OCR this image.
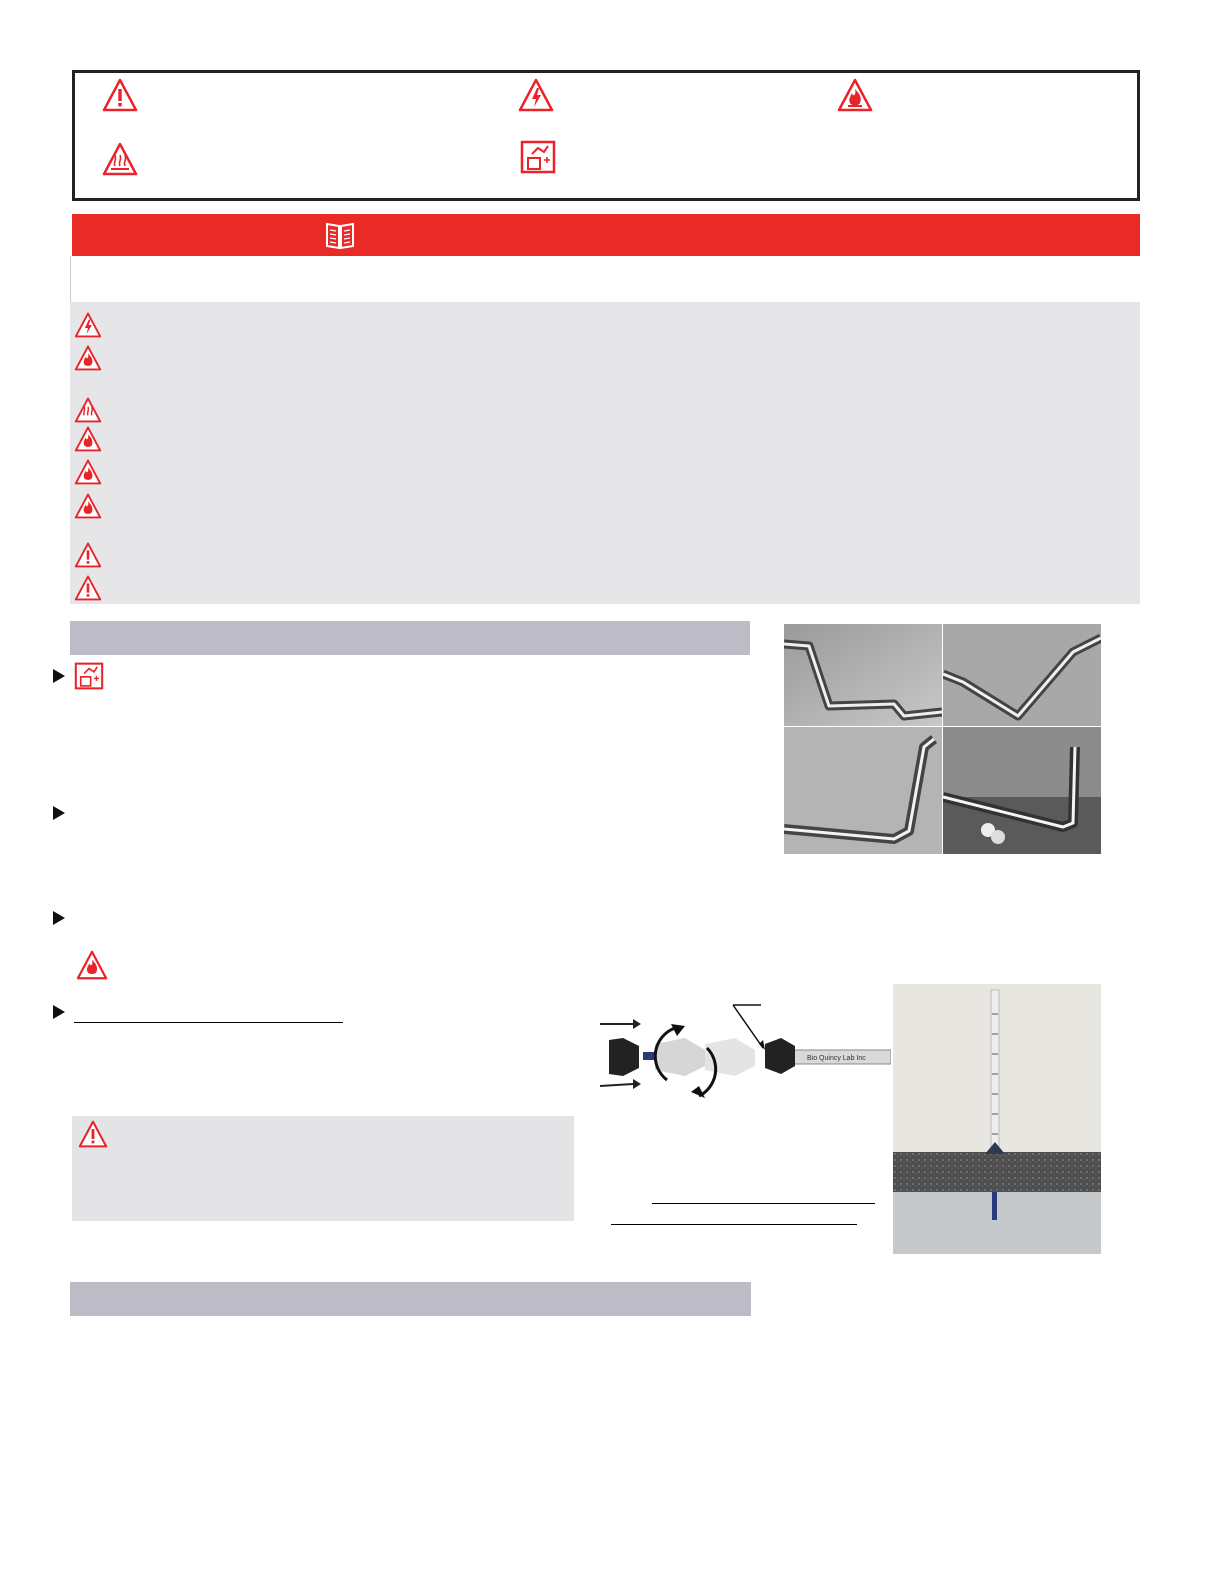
Bio Quincy Lab Inc
